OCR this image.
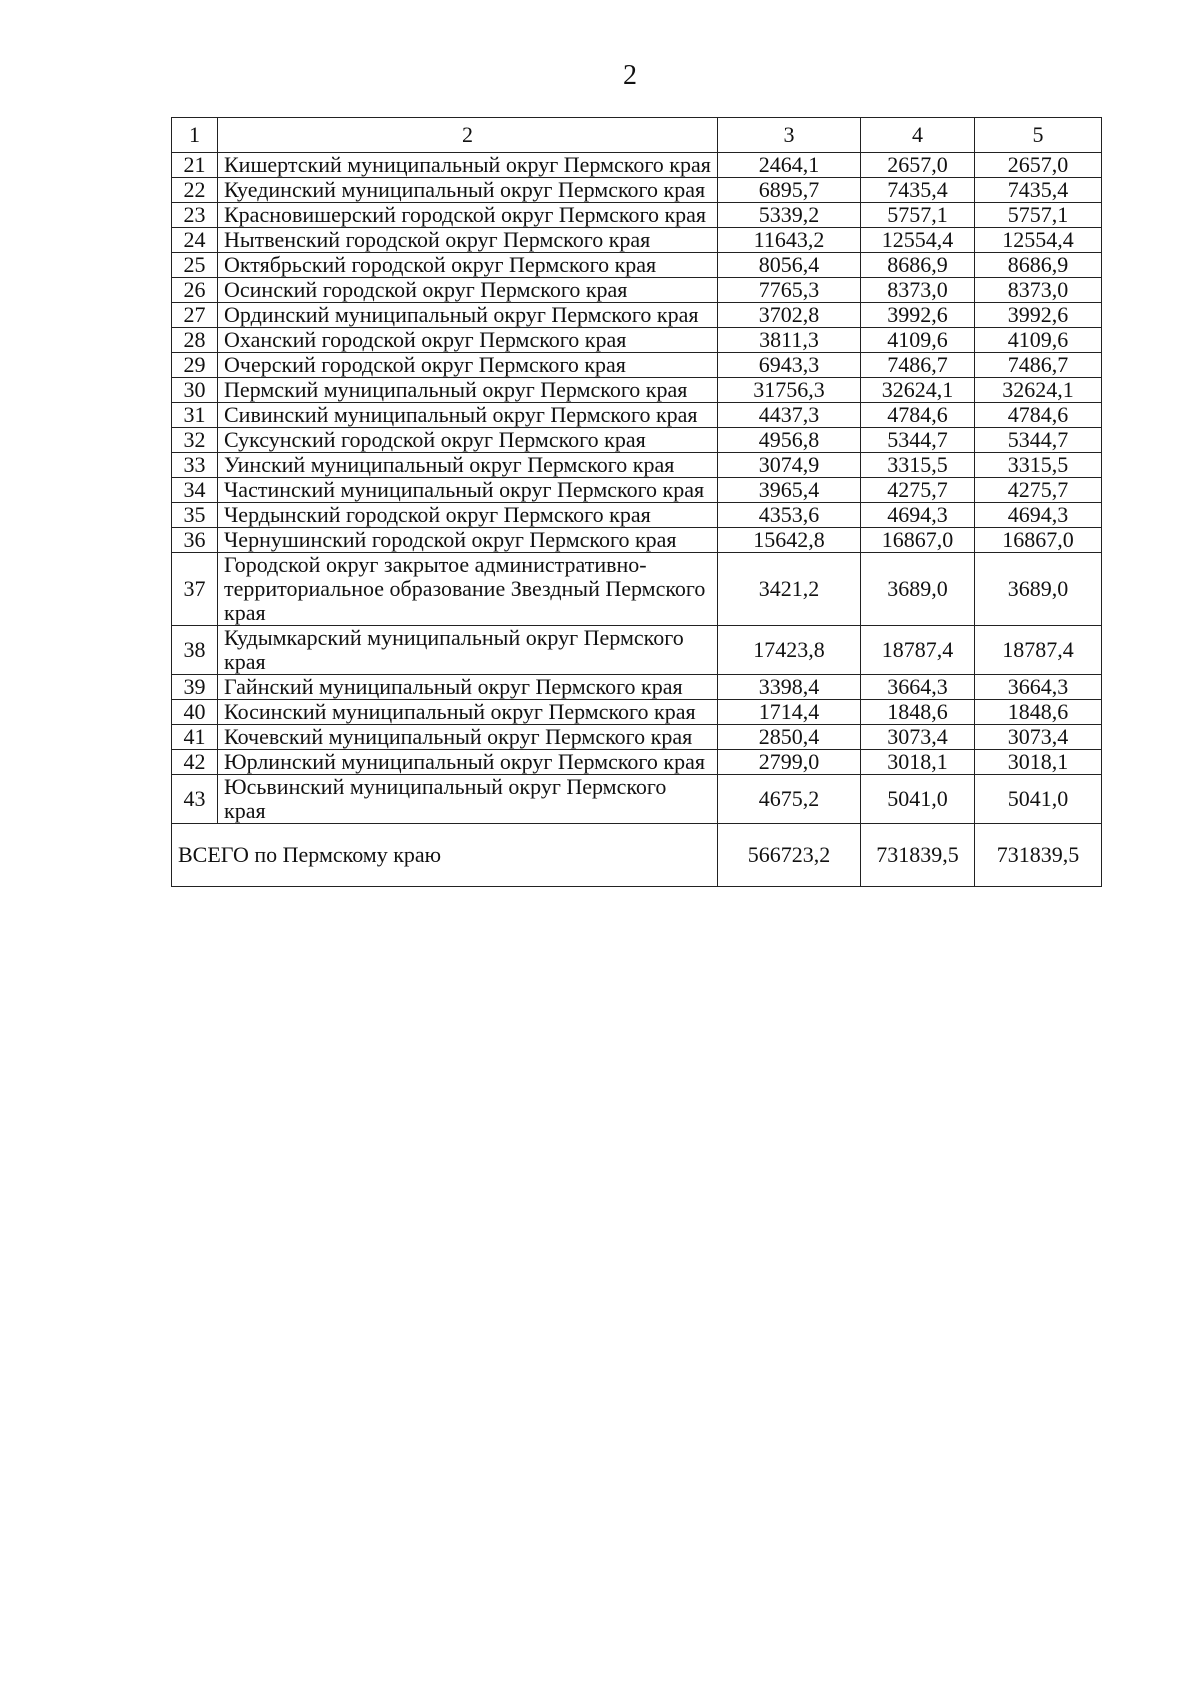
2
1	2	3	4	5
21	Кишертский муниципальный округ Пермского края	2464,1	2657,0	2657,0
22	Куединский муниципальный округ Пермского края	6895,7	7435,4	7435,4
23	Красновишерский городской округ Пермского края	5339,2	5757,1	5757,1
24	Нытвенский городской округ Пермского края	11643,2	12554,4	12554,4
25	Октябрьский городской округ Пермского края	8056,4	8686,9	8686,9
26	Осинский городской округ Пермского края	7765,3	8373,0	8373,0
27	Ординский муниципальный округ Пермского края	3702,8	3992,6	3992,6
28	Оханский городской округ Пермского края	3811,3	4109,6	4109,6
29	Очерский городской округ Пермского края	6943,3	7486,7	7486,7
30	Пермский муниципальный округ Пермского края	31756,3	32624,1	32624,1
31	Сивинский муниципальный округ Пермского края	4437,3	4784,6	4784,6
32	Суксунский городской округ Пермского края	4956,8	5344,7	5344,7
33	Уинский муниципальный округ Пермского края	3074,9	3315,5	3315,5
34	Частинский муниципальный округ Пермского края	3965,4	4275,7	4275,7
35	Чердынский городской округ Пермского края	4353,6	4694,3	4694,3
36	Чернушинский городской округ Пермского края	15642,8	16867,0	16867,0
37	Городской округ закрытое административно-территориальное образование Звездный Пермского края	3421,2	3689,0	3689,0
38	Кудымкарский муниципальный округ Пермского края	17423,8	18787,4	18787,4
39	Гайнский муниципальный округ Пермского края	3398,4	3664,3	3664,3
40	Косинский муниципальный округ Пермского края	1714,4	1848,6	1848,6
41	Кочевский муниципальный округ Пермского края	2850,4	3073,4	3073,4
42	Юрлинский муниципальный округ Пермского края	2799,0	3018,1	3018,1
43	Юсьвинский муниципальный округ Пермского края	4675,2	5041,0	5041,0
ВСЕГО по Пермскому краю		566723,2	731839,5	731839,5
